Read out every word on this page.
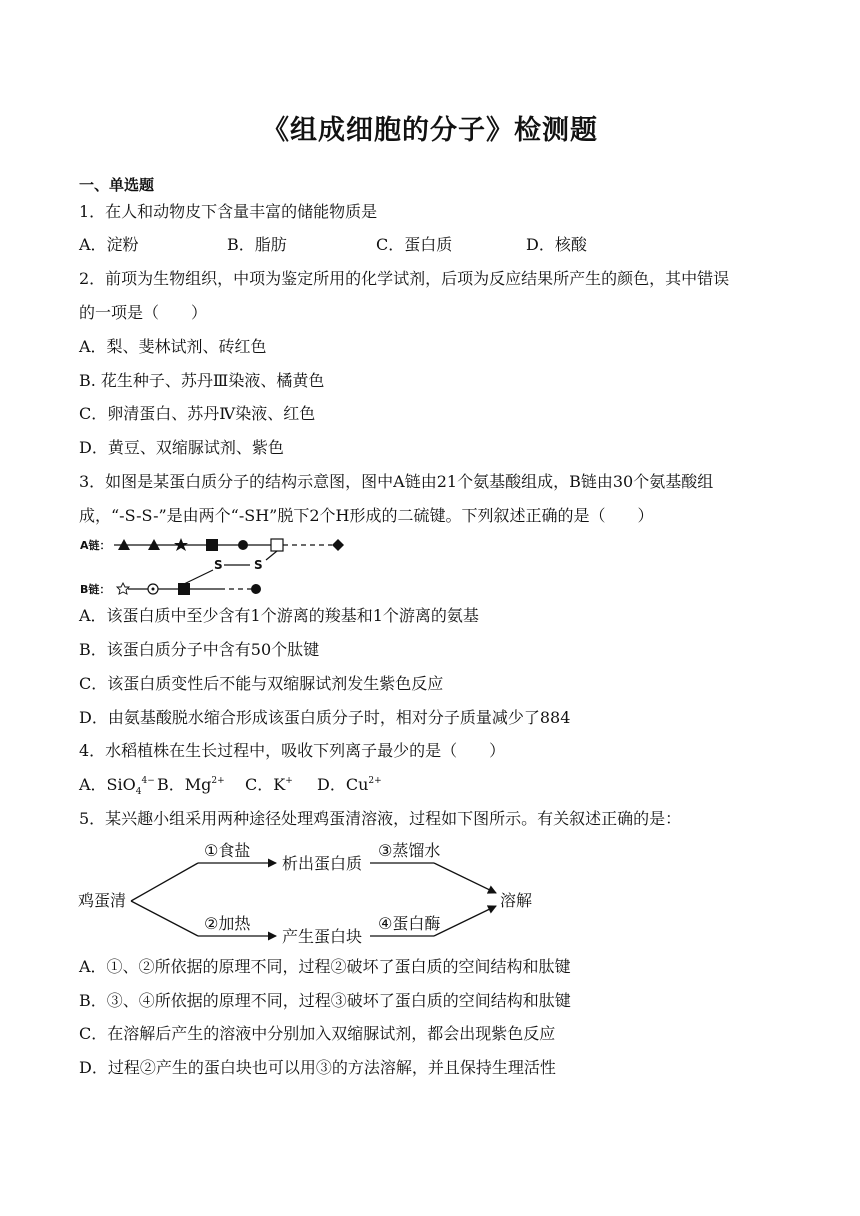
《组成细胞的分子》检测题
一、单选题
1．在人和动物皮下含量丰富的储能物质是
A．淀粉	B．脂肪	C．蛋白质	D．核酸
2．前项为生物组织，中项为鉴定所用的化学试剂，后项为反应结果所产生的颜色，其中错误
的一项是（　　）
A．梨、斐林试剂、砖红色
B. 花生种子、苏丹Ⅲ染液、橘黄色
C．卵清蛋白、苏丹Ⅳ染液、红色
D．黄豆、双缩脲试剂、紫色
3．如图是某蛋白质分子的结构示意图，图中A链由21个氨基酸组成，B链由30个氨基酸组
成，“-S-S-”是由两个“-SH”脱下2个H形成的二硫键。下列叙述正确的是（　　）
A链：
S	S
B链：
A．该蛋白质中至少含有1个游离的羧基和1个游离的氨基
B．该蛋白质分子中含有50个肽键
C．该蛋白质变性后不能与双缩脲试剂发生紫色反应
D．由氨基酸脱水缩合形成该蛋白质分子时，相对分子质量减少了884
4．水稻植株在生长过程中，吸收下列离子最少的是（　　）
A．SiO$_4^{4-}$ B．$Mg^{2+}$ C．K+ D．$Cu^{2+}$
5．某兴趣小组采用两种途径处理鸡蛋清溶液，过程如下图所示。有关叙述正确的是：
鸡蛋清
①食盐
析出蛋白质
③蒸馏水
②加热
产生蛋白块
④蛋白酶
溶解
A．①、②所依据的原理不同，过程②破坏了蛋白质的空间结构和肽键
B．③、④所依据的原理不同，过程③破坏了蛋白质的空间结构和肽键
C．在溶解后产生的溶液中分别加入双缩脲试剂，都会出现紫色反应
D．过程②产生的蛋白块也可以用③的方法溶解，并且保持生理活性
